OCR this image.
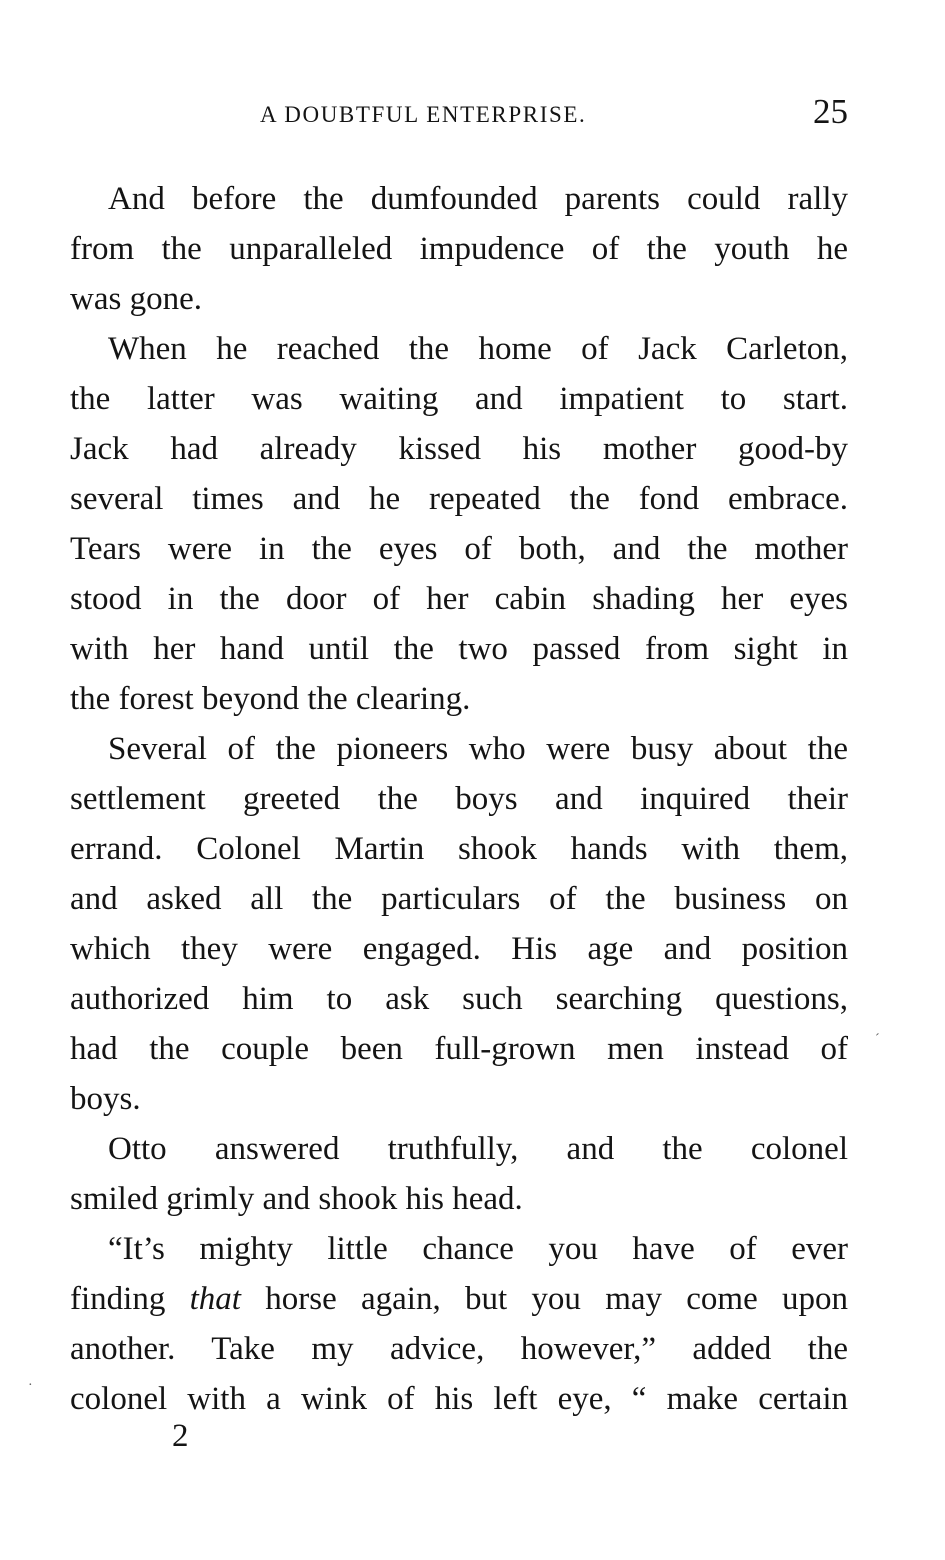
A DOUBTFUL ENTERPRISE.	25
And before the dumfounded parents could rally
from the unparalleled impudence of the youth he
was gone.
When he reached the home of Jack Carleton,
the latter was waiting and impatient to start.
Jack had already kissed his mother good-by
several times and he repeated the fond embrace.
Tears were in the eyes of both, and the mother
stood in the door of her cabin shading her eyes
with her hand until the two passed from sight in
the forest beyond the clearing.
Several of the pioneers who were busy about the
settlement greeted the boys and inquired their
errand. Colonel Martin shook hands with them,
and asked all the particulars of the business on
which they were engaged. His age and position
authorized him to ask such searching questions,
had the couple been full-grown men instead of
boys.
Otto answered truthfully, and the colonel
smiled grimly and shook his head.
“It’s mighty little chance you have of ever
finding that horse again, but you may come upon
another. Take my advice, however,” added the
colonel with a wink of his left eye, “ make certain
2
´
·
